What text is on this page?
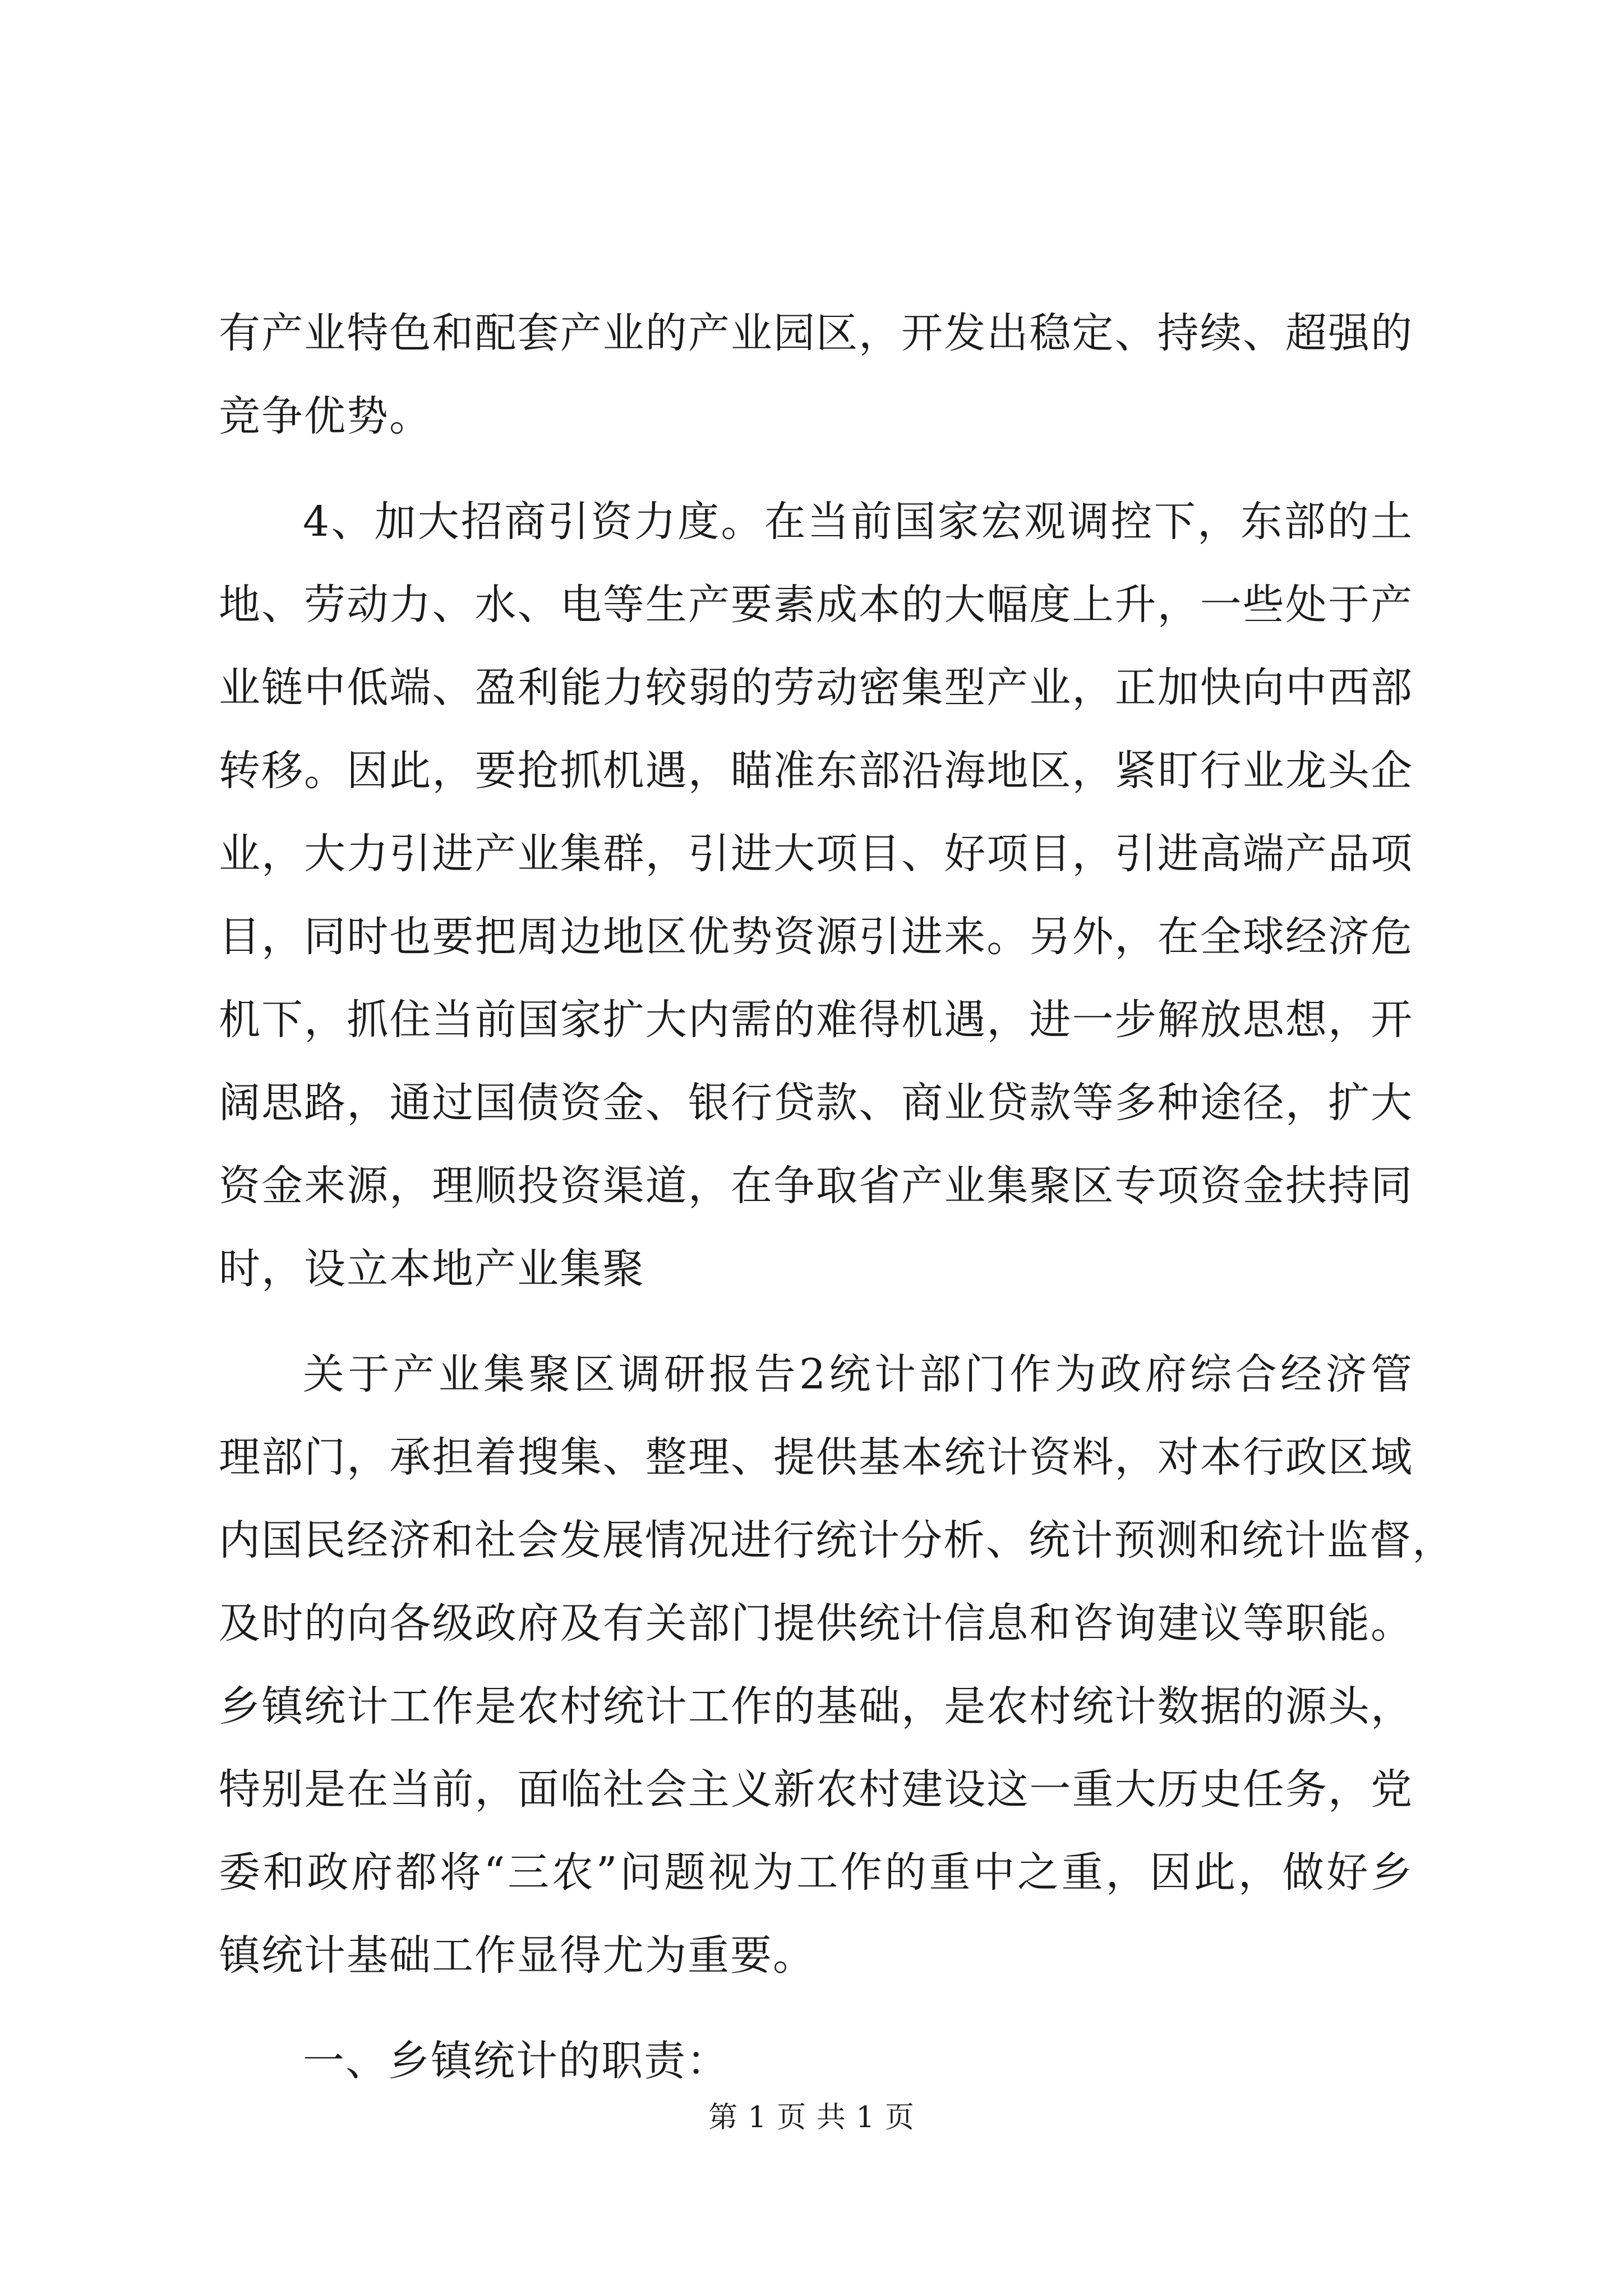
有产业特色和配套产业的产业园区，开发出稳定、持续、超强的
竞争优势。
4、加大招商引资力度。在当前国家宏观调控下，东部的土
地、劳动力、水、电等生产要素成本的大幅度上升，一些处于产
业链中低端、盈利能力较弱的劳动密集型产业，正加快向中西部
转移。因此，要抢抓机遇，瞄准东部沿海地区，紧盯行业龙头企
业，大力引进产业集群，引进大项目、好项目，引进高端产品项
目，同时也要把周边地区优势资源引进来。另外，在全球经济危
机下，抓住当前国家扩大内需的难得机遇，进一步解放思想，开
阔思路，通过国债资金、银行贷款、商业贷款等多种途径，扩大
资金来源，理顺投资渠道，在争取省产业集聚区专项资金扶持同
时，设立本地产业集聚
关于产业集聚区调研报告2统计部门作为政府综合经济管
理部门，承担着搜集、整理、提供基本统计资料，对本行政区域
内国民经济和社会发展情况进行统计分析、统计预测和统计监督，
及时的向各级政府及有关部门提供统计信息和咨询建议等职能。
乡镇统计工作是农村统计工作的基础，是农村统计数据的源头，
特别是在当前，面临社会主义新农村建设这一重大历史任务，党
委和政府都将“三农”问题视为工作的重中之重，因此，做好乡
镇统计基础工作显得尤为重要。
一、乡镇统计的职责：
第 1 页 共 1 页
